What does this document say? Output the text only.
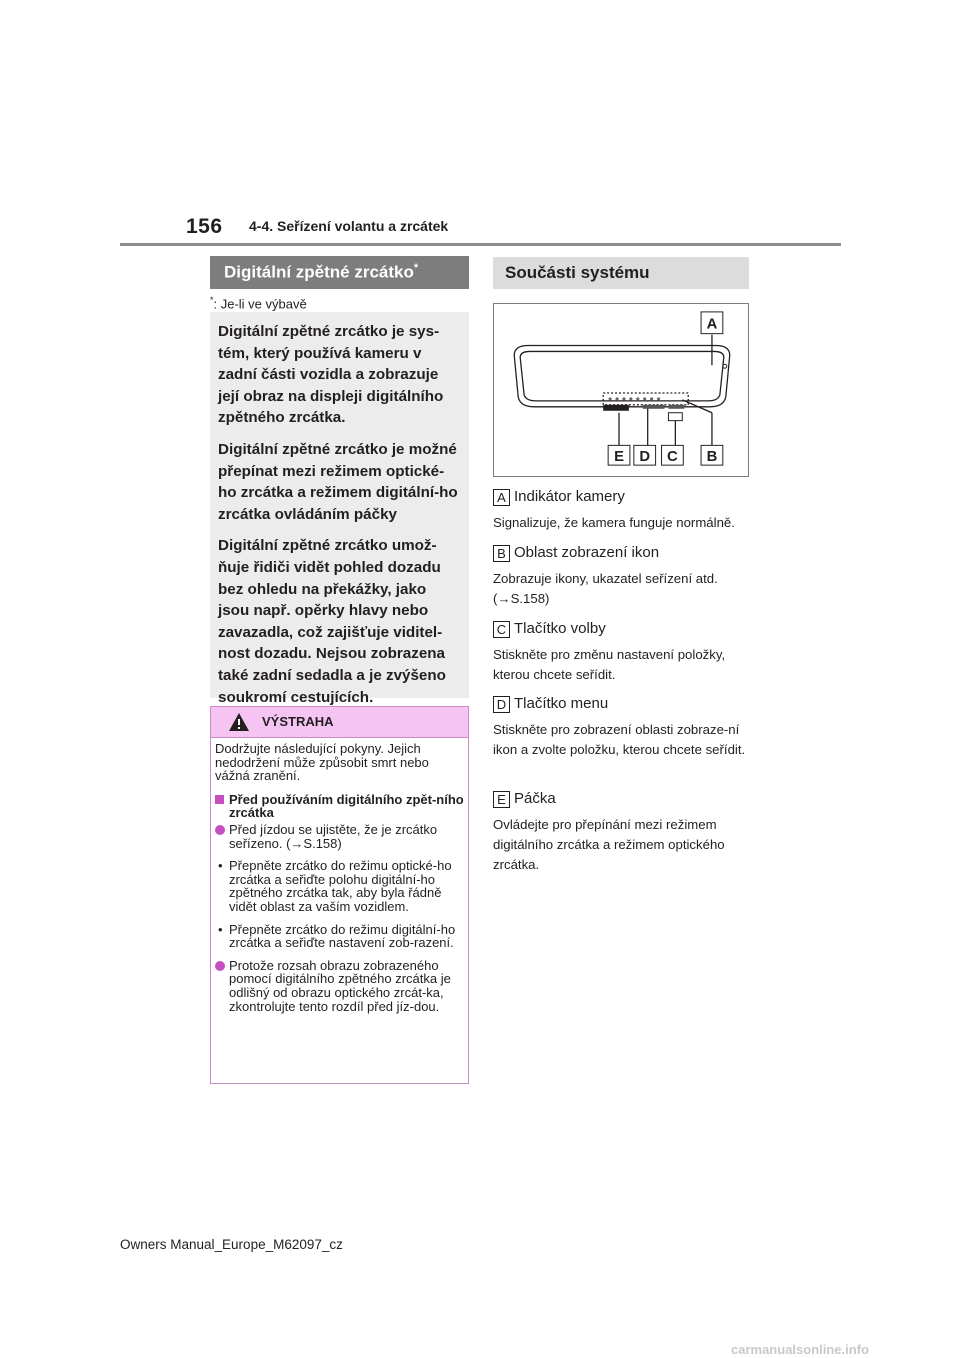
156 4-4. Seřízení volantu a zrcátek
Digitální zpětné zrcátko*
*: Je-li ve výbavě

Digitální zpětné zrcátko je sys-tém, který používá kameru v zadní části vozidla a zobrazuje její obraz na displeji digitálního zpětného zrcátka.

Digitální zpětné zrcátko je možné přepínat mezi režimem optické-ho zrcátka a režimem digitální-ho zrcátka ovládáním páčky

Digitální zpětné zrcátko umož-ňuje řidiči vidět pohled dozadu bez ohledu na překážky, jako jsou např. opěrky hlavy nebo zavazadla, což zajišťuje viditel-nost dozadu. Nejsou zobrazena také zadní sedadla a je zvýšeno soukromí cestujících.

VÝSTRAHA

Dodržujte následující pokyny. Jejich nedodržení může způsobit smrt nebo vážná zranění.

Před používáním digitálního zpět-ního zrcátka
Před jízdou se ujistěte, že je zrcátko seřízeno. (→S.158)
• Přepněte zrcátko do režimu optické-ho zrcátka a seřiďte polohu digitální-ho zpětného zrcátka tak, aby byla řádně vidět oblast za vaším vozidlem.
• Přepněte zrcátko do režimu digitální-ho zrcátka a seřiďte nastavení zob-razení.
Protože rozsah obrazu zobrazeného pomocí digitálního zpětného zrcátka je odlišný od obrazu optického zrcát-ka, zkontrolujte tento rozdíl před jíz-dou.
Součásti systému
A
E D C B
A Indikátor kamery
Signalizuje, že kamera funguje normálně.
B Oblast zobrazení ikon
Zobrazuje ikony, ukazatel seřízení atd. (→S.158)
C Tlačítko volby
Stiskněte pro změnu nastavení položky, kterou chcete seřídit.
D Tlačítko menu
Stiskněte pro zobrazení oblasti zobraze-ní ikon a zvolte položku, kterou chcete seřídit.
E Páčka
Ovládejte pro přepínání mezi režimem digitálního zrcátka a režimem optického zrcátka.
Owners Manual_Europe_M62097_cz
carmanualsonline.info
